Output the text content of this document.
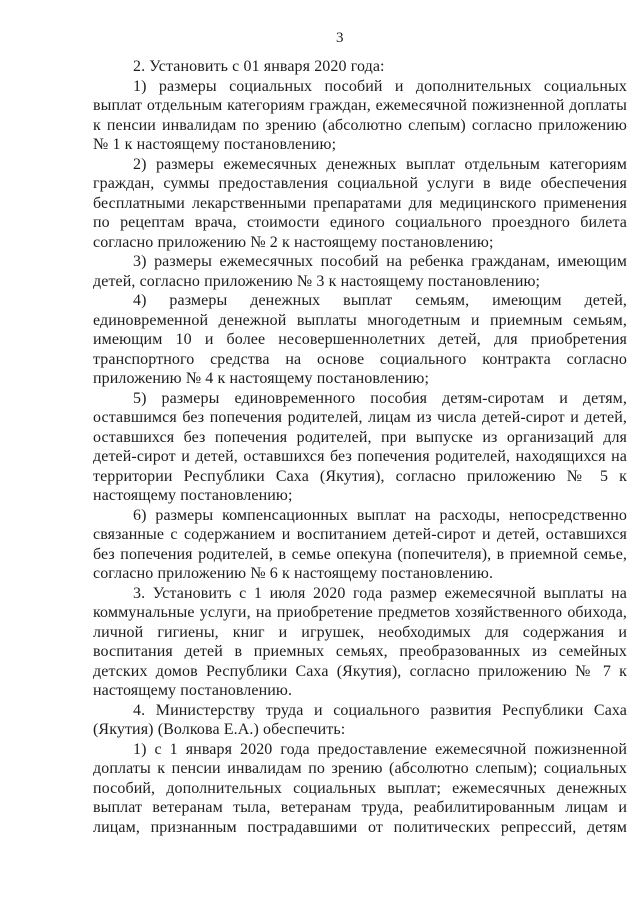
3

2. Установить с 01 января 2020 года:

1) размеры социальных пособий и дополнительных социальных выплат отдельным категориям граждан, ежемесячной пожизненной доплаты к пенсии инвалидам по зрению (абсолютно слепым) согласно приложению № 1 к настоящему постановлению;

2) размеры ежемесячных денежных выплат отдельным категориям граждан, суммы предоставления социальной услуги в виде обеспечения бесплатными лекарственными препаратами для медицинского применения по рецептам врача, стоимости единого социального проездного билета согласно приложению № 2 к настоящему постановлению;

3) размеры ежемесячных пособий на ребенка гражданам, имеющим детей, согласно приложению № 3 к настоящему постановлению;

4) размеры денежных выплат семьям, имеющим детей, единовременной денежной выплаты многодетным и приемным семьям, имеющим 10 и более несовершеннолетних детей, для приобретения транспортного средства на основе социального контракта согласно приложению № 4 к настоящему постановлению;

5) размеры единовременного пособия детям-сиротам и детям, оставшимся без попечения родителей, лицам из числа детей-сирот и детей, оставшихся без попечения родителей, при выпуске из организаций для детей-сирот и детей, оставшихся без попечения родителей, находящихся на территории Республики Саха (Якутия), согласно приложению № 5 к настоящему постановлению;

6) размеры компенсационных выплат на расходы, непосредственно связанные с содержанием и воспитанием детей-сирот и детей, оставшихся без попечения родителей, в семье опекуна (попечителя), в приемной семье, согласно приложению № 6 к настоящему постановлению.

3. Установить с 1 июля 2020 года размер ежемесячной выплаты на коммунальные услуги, на приобретение предметов хозяйственного обихода, личной гигиены, книг и игрушек, необходимых для содержания и воспитания детей в приемных семьях, преобразованных из семейных детских домов Республики Саха (Якутия), согласно приложению № 7 к настоящему постановлению.

4. Министерству труда и социального развития Республики Саха (Якутия) (Волкова Е.А.) обеспечить:

1) с 1 января 2020 года предоставление ежемесячной пожизненной доплаты к пенсии инвалидам по зрению (абсолютно слепым); социальных пособий, дополнительных социальных выплат; ежемесячных денежных выплат ветеранам тыла, ветеранам труда, реабилитированным лицам и лицам, признанным пострадавшими от политических репрессий, детям
